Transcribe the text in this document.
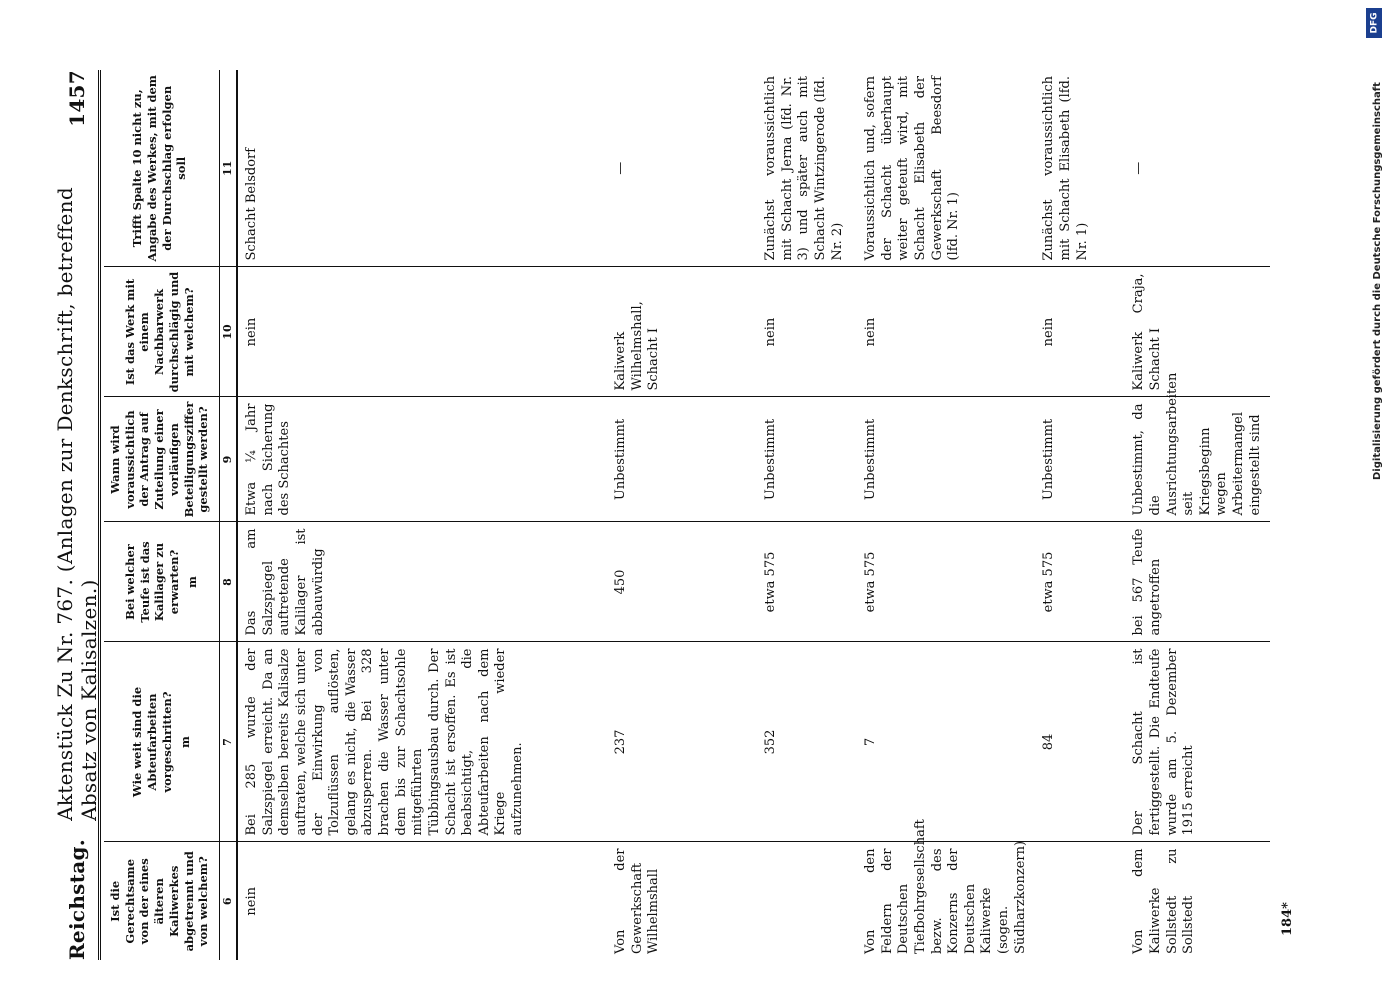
DFG
Digitalisierung gefördert durch die Deutsche Forschungsgemeinschaft
Reichstag.
Aktenstück Zu Nr. 767. (Anlagen zur Denkschrift, betreffend Absatz von Kalisalzen.)
1457
Ist die Gerechtsame von der eines älteren Kaliwerkes abgetrennt und von welchem?	Wie weit sind die Abteufarbeiten vorgeschritten? m	Bei welcher Teufe ist das Kalilager zu erwarten? m	Wann wird voraussichtlich der Antrag auf Zuteilung einer vorläufigen Beteiligungsziffer gestellt werden?	Ist das Werk mit einem Nachbarwerk durchschlägig und mit welchem?	Trifft Spalte 10 nicht zu, Angabe des Werkes, mit dem der Durchschlag erfolgen soll

6	7	8	9	10	11
nein	Bei 285 wurde der Salzspiegel erreicht. Da an demselben bereits Kalisalze auftraten, welche sich unter der Einwirkung von Tolzuflüssen auflösten, gelang es nicht, die Wasser abzusperren. Bei 328 brachen die Wasser unter dem bis zur Schachtsohle mitgeführten Tübbingsausbau durch. Der Schacht ist ersoffen. Es ist beabsichtigt, die Abteufarbeiten nach dem Kriege wieder aufzunehmen.	Das am Salzspiegel auftretende Kalilager ist abbauwürdig	Etwa ¼ Jahr nach Sicherung des Schachtes	nein	Schacht Belsdorf
Von der Gewerkschaft Wilhelmshall	237	450	Unbestimmt	Kaliwerk Wilhelmshall, Schacht I	—
	352	etwa 575	Unbestimmt	nein	Zunächst voraussichtlich mit Schacht Jerna (lfd. Nr. 3) und später auch mit Schacht Wintzingerode (lfd. Nr. 2)
Von den Feldern der Deutschen Tiefbohrgesellschaft bezw. des Konzerns der Deutschen Kaliwerke (sogen. Südharzkonzern)	7	etwa 575	Unbestimmt	nein	Voraussichtlich und, sofern der Schacht überhaupt weiter geteuft wird, mit Schacht Elisabeth der Gewerkschaft Beesdorf (lfd. Nr. 1)
	84	etwa 575	Unbestimmt	nein	Zunächst voraussichtlich mit Schacht Elisabeth (lfd. Nr. 1)
Von dem Kaliwerke Sollstedt zu Sollstedt	Der Schacht ist fertiggestellt. Die Endteufe wurde am 5. Dezember 1915 erreicht	bei 567 Teufe angetroffen	Unbestimmt, da die Ausrichtungsarbeiten seit Kriegsbeginn wegen Arbeitermangel eingestellt sind	Kaliwerk Craja, Schacht I	—
184*
